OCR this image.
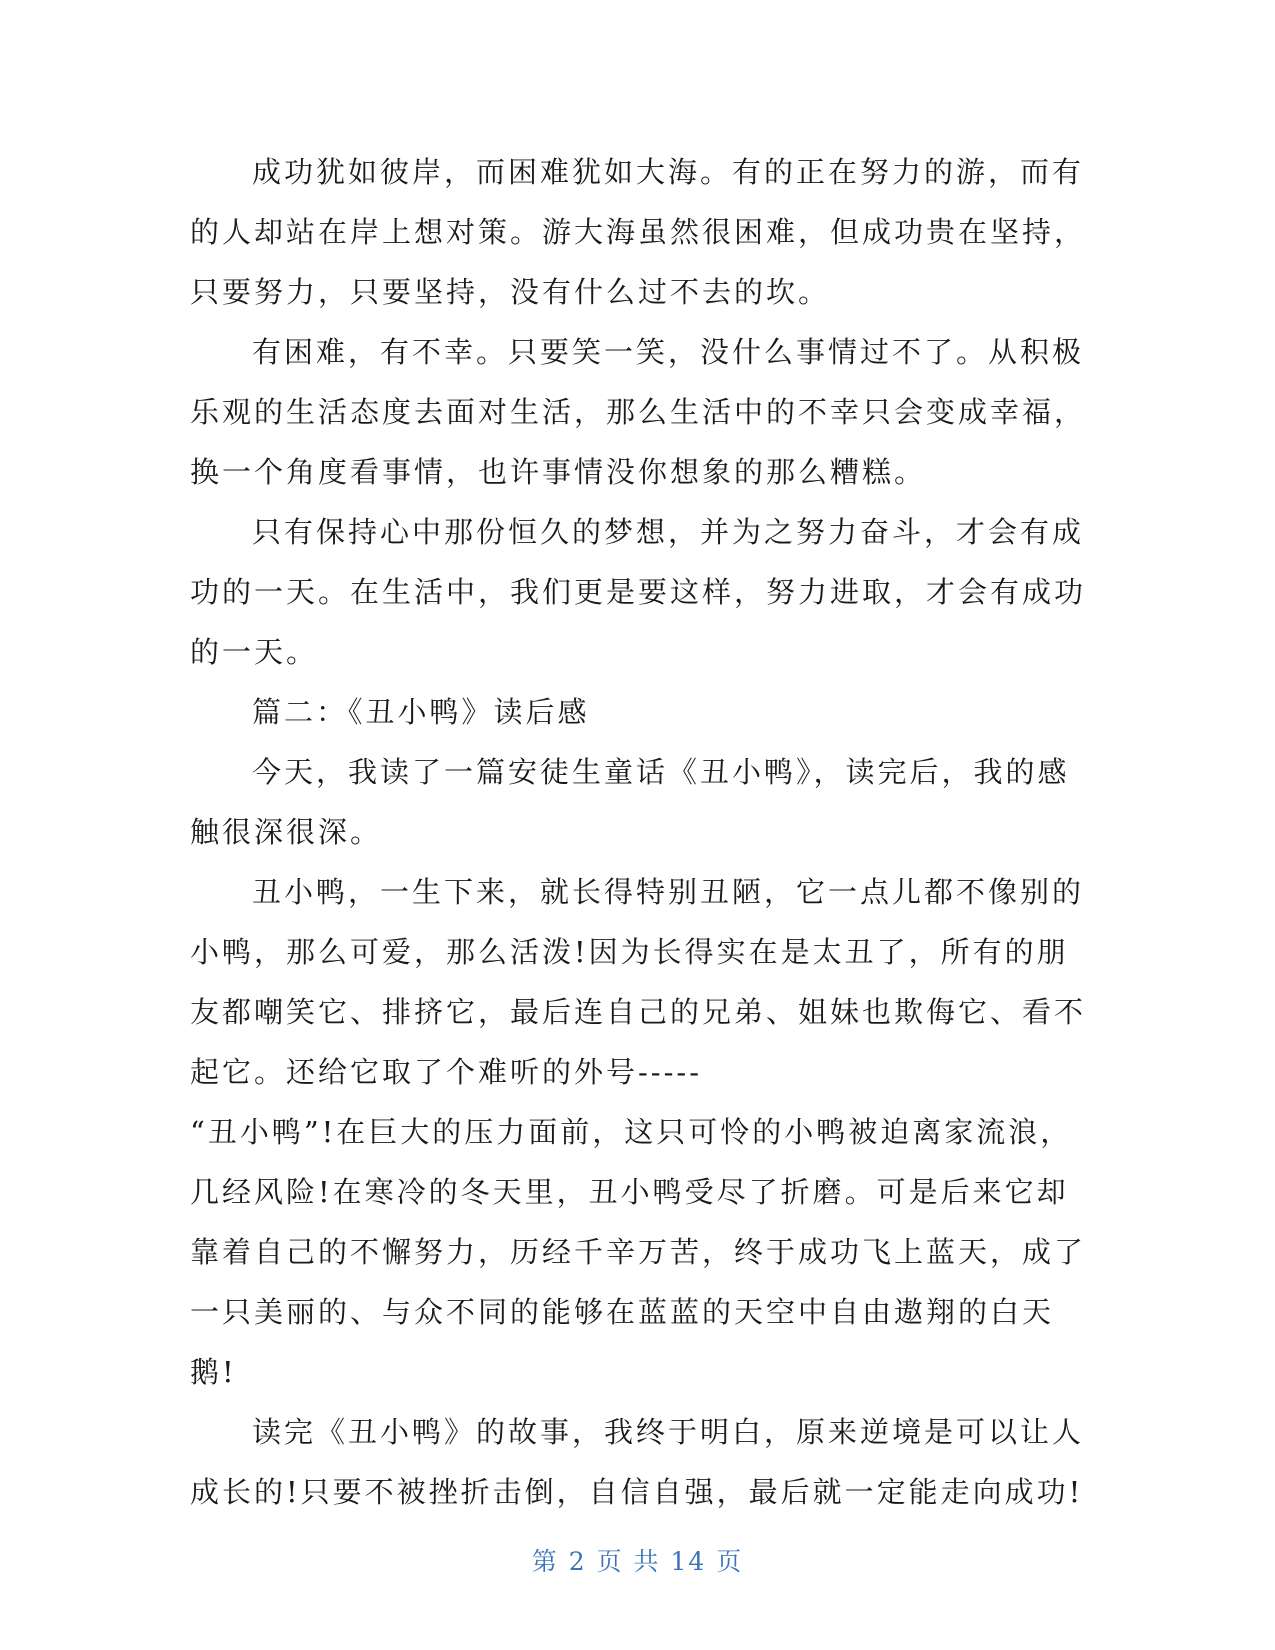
成功犹如彼岸，而困难犹如大海。有的正在努力的游，而有的人却站在岸上想对策。游大海虽然很困难，但成功贵在坚持，只要努力，只要坚持，没有什么过不去的坎。

有困难，有不幸。只要笑一笑，没什么事情过不了。从积极乐观的生活态度去面对生活，那么生活中的不幸只会变成幸福，换一个角度看事情，也许事情没你想象的那么糟糕。

只有保持心中那份恒久的梦想，并为之努力奋斗，才会有成功的一天。在生活中，我们更是要这样，努力进取，才会有成功的一天。

篇二：《丑小鸭》读后感

今天，我读了一篇安徒生童话《丑小鸭》，读完后，我的感触很深很深。

丑小鸭，一生下来，就长得特别丑陋，它一点儿都不像别的小鸭，那么可爱，那么活泼!因为长得实在是太丑了，所有的朋友都嘲笑它、排挤它，最后连自己的兄弟、姐妹也欺侮它、看不起它。还给它取了个难听的外号-----

“丑小鸭”!在巨大的压力面前，这只可怜的小鸭被迫离家流浪，几经风险!在寒冷的冬天里，丑小鸭受尽了折磨。可是后来它却靠着自己的不懈努力，历经千辛万苦，终于成功飞上蓝天，成了一只美丽的、与众不同的能够在蓝蓝的天空中自由遨翔的白天鹅!

读完《丑小鸭》的故事，我终于明白，原来逆境是可以让人成长的!只要不被挫折击倒，自信自强，最后就一定能走向成功!

第 2 页 共 14 页
